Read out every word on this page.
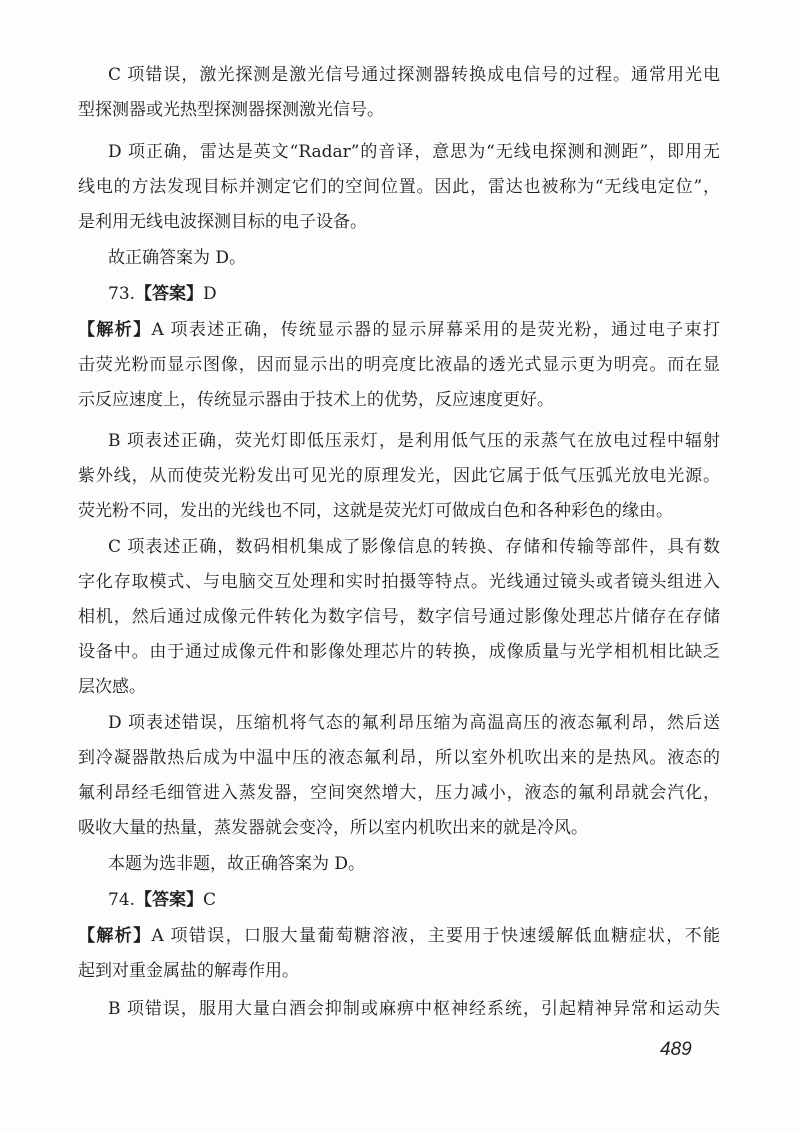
C 项错误，激光探测是激光信号通过探测器转换成电信号的过程。通常用光电
型探测器或光热型探测器探测激光信号。
D 项正确，雷达是英文“Radar”的音译，意思为“无线电探测和测距”，即用无
线电的方法发现目标并测定它们的空间位置。因此，雷达也被称为“无线电定位”，
是利用无线电波探测目标的电子设备。
故正确答案为 D。
73.【答案】D
【解析】A 项表述正确，传统显示器的显示屏幕采用的是荧光粉，通过电子束打
击荧光粉而显示图像，因而显示出的明亮度比液晶的透光式显示更为明亮。而在显
示反应速度上，传统显示器由于技术上的优势，反应速度更好。
B 项表述正确，荧光灯即低压汞灯，是利用低气压的汞蒸气在放电过程中辐射
紫外线，从而使荧光粉发出可见光的原理发光，因此它属于低气压弧光放电光源。
荧光粉不同，发出的光线也不同，这就是荧光灯可做成白色和各种彩色的缘由。
C 项表述正确，数码相机集成了影像信息的转换、存储和传输等部件，具有数
字化存取模式、与电脑交互处理和实时拍摄等特点。光线通过镜头或者镜头组进入
相机，然后通过成像元件转化为数字信号，数字信号通过影像处理芯片储存在存储
设备中。由于通过成像元件和影像处理芯片的转换，成像质量与光学相机相比缺乏
层次感。
D 项表述错误，压缩机将气态的氟利昂压缩为高温高压的液态氟利昂，然后送
到冷凝器散热后成为中温中压的液态氟利昂，所以室外机吹出来的是热风。液态的
氟利昂经毛细管进入蒸发器，空间突然增大，压力减小，液态的氟利昂就会汽化，
吸收大量的热量，蒸发器就会变冷，所以室内机吹出来的就是冷风。
本题为选非题，故正确答案为 D。
74.【答案】C
【解析】A 项错误，口服大量葡萄糖溶液，主要用于快速缓解低血糖症状，不能
起到对重金属盐的解毒作用。
B 项错误，服用大量白酒会抑制或麻痹中枢神经系统，引起精神异常和运动失
489
